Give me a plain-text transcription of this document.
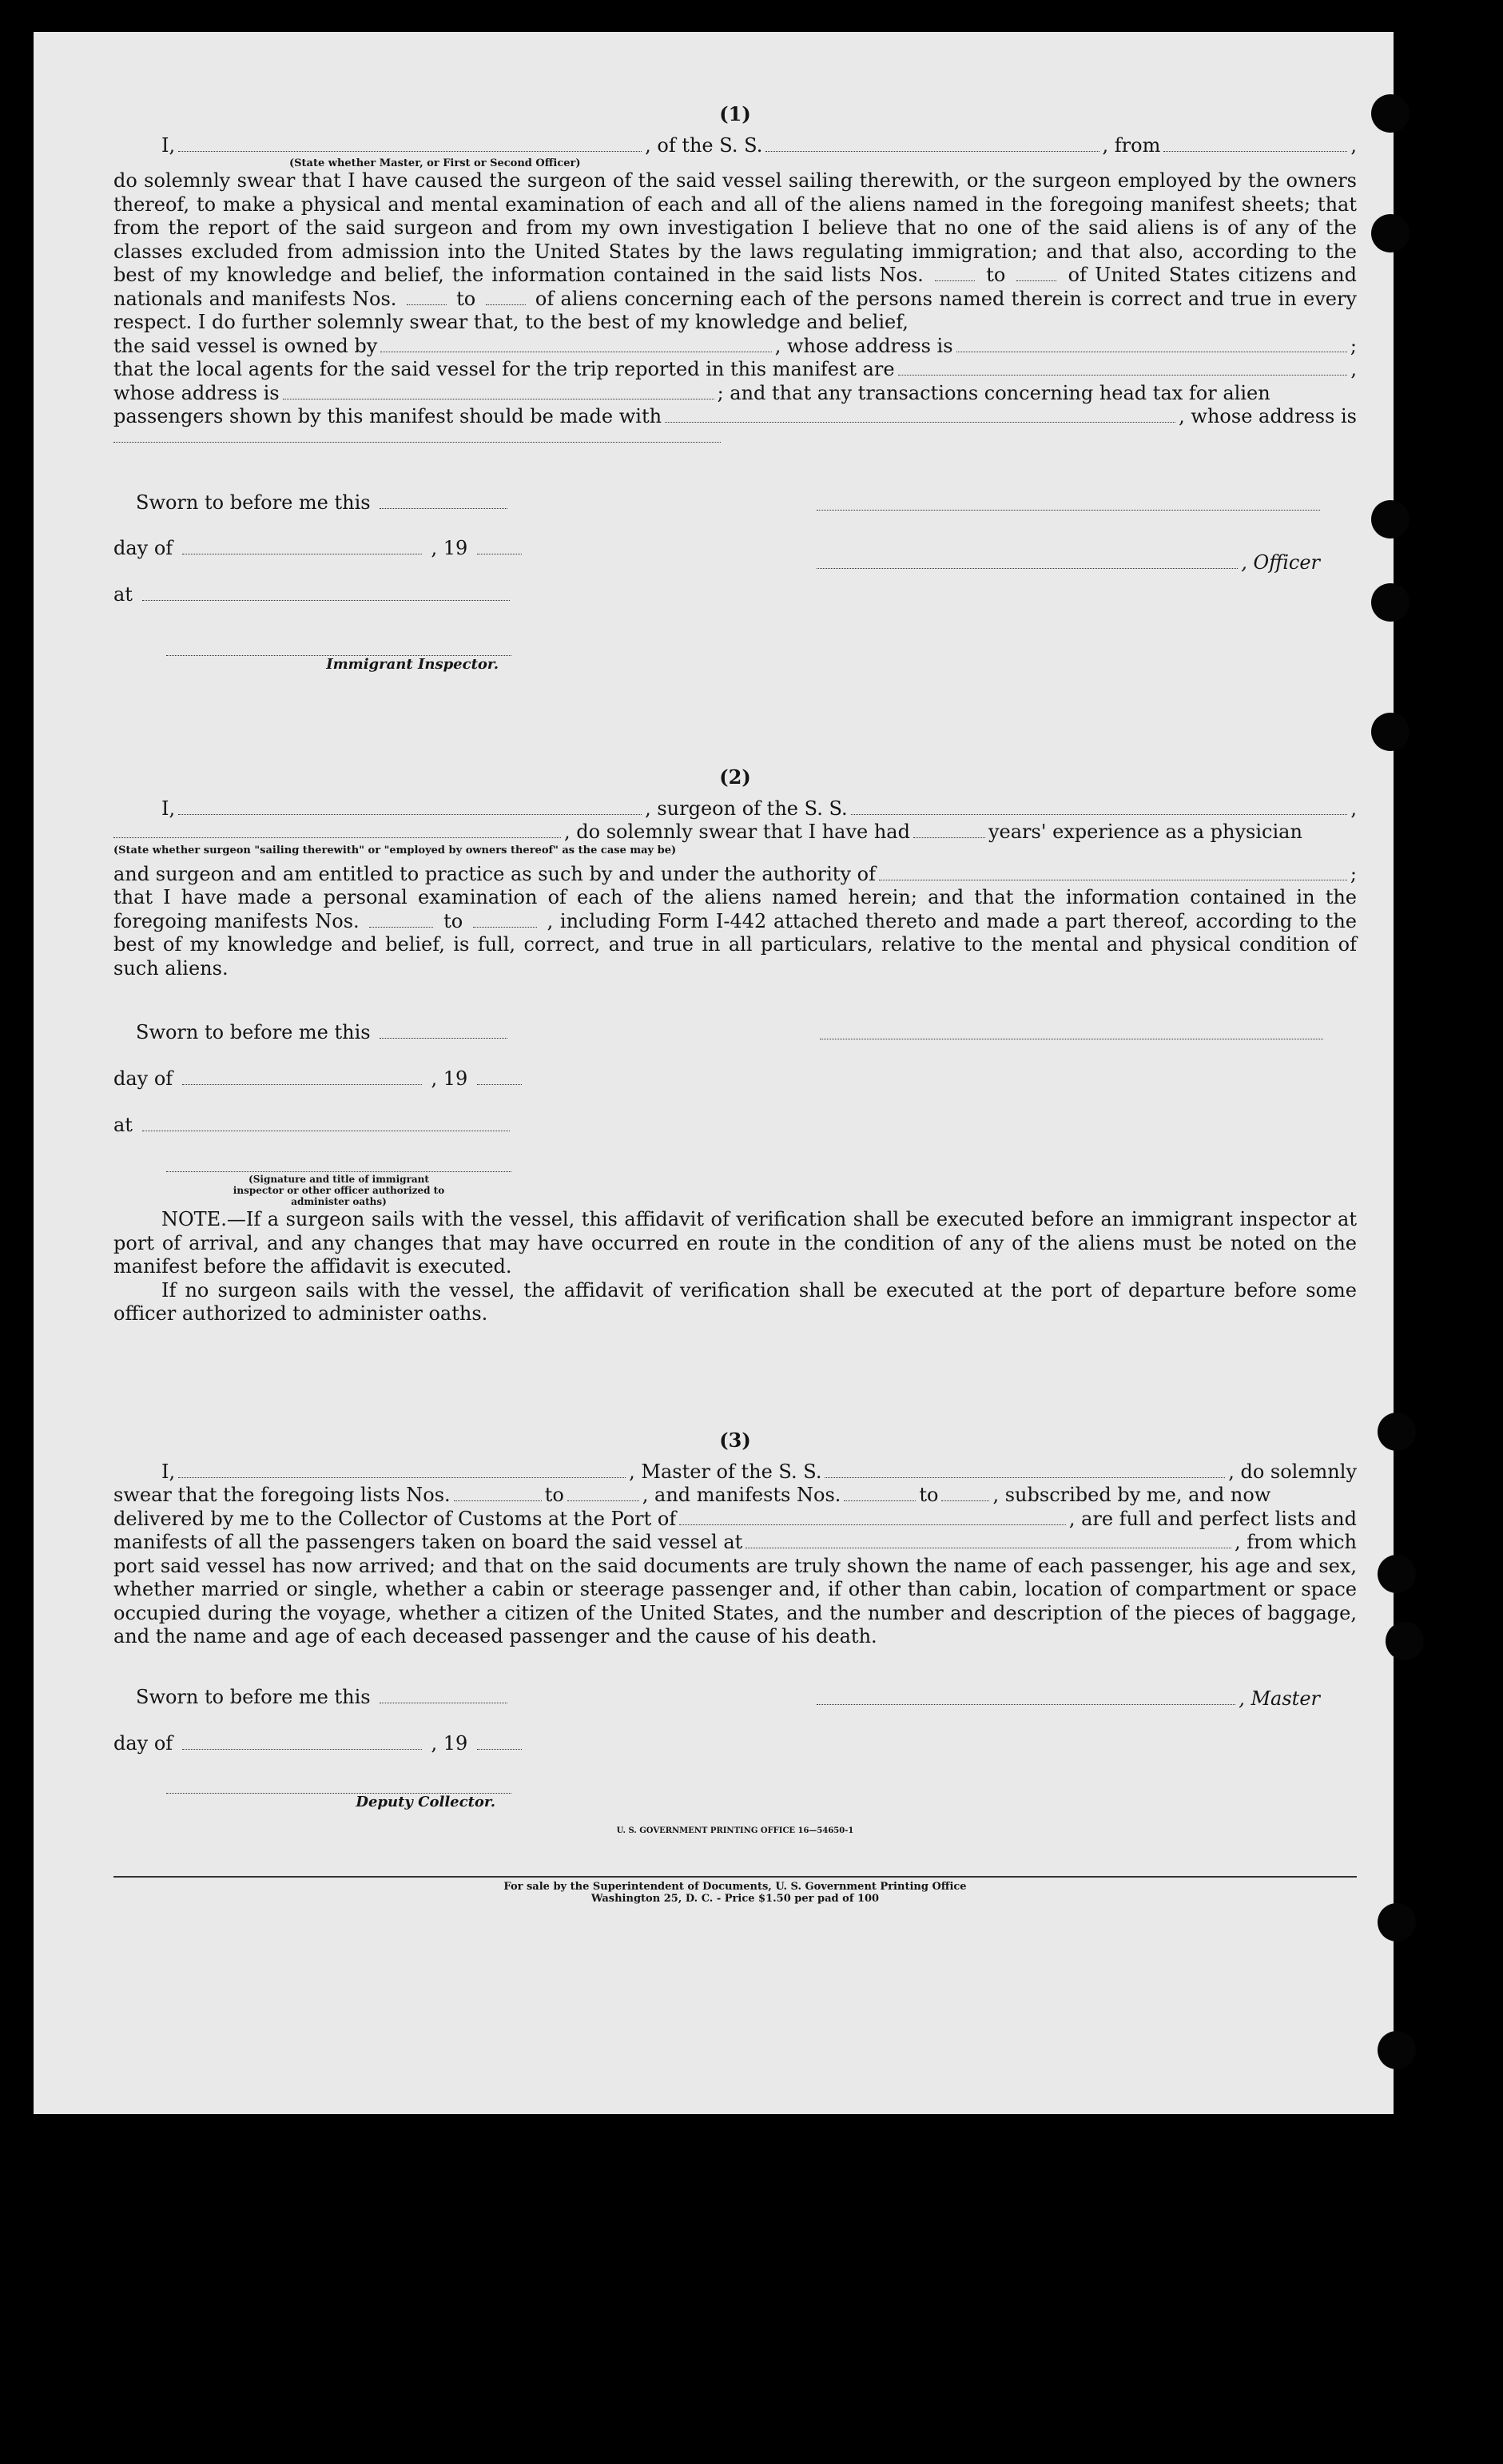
(1)
I,	, of the S. S.	, from	,
(State whether Master, or First or Second Officer)
do solemnly swear that I have caused the surgeon of the said vessel sailing therewith, or the surgeon employed by the owners thereof, to make a physical and mental examination of each and all of the aliens named in the foregoing manifest sheets; that from the report of the said surgeon and from my own investigation I believe that no one of the said aliens is of any of the classes excluded from admission into the United States by the laws regulating immigration; and that also, according to the best of my knowledge and belief, the information contained in the said lists Nos.	to	of United States citizens and nationals and manifests Nos.	to	of aliens concerning each of the persons named therein is correct and true in every respect. I do further solemnly swear that, to the best of my knowledge and belief,
the said vessel is owned by	, whose address is	;
that the local agents for the said vessel for the trip reported in this manifest are	,
whose address is	; and that any transactions concerning head tax for alien
passengers shown by this manifest should be made with	, whose address is
Sworn to before me this
day of	, 19
, Officer
at
Immigrant Inspector.
(2)
I,	, surgeon of the S. S.	,
, do solemnly swear that I have had	years' experience as a physician
(State whether surgeon "sailing therewith" or "employed by owners thereof" as the case may be)
and surgeon and am entitled to practice as such by and under the authority of	;
that I have made a personal examination of each of the aliens named herein; and that the information contained in the foregoing manifests Nos.	to	, including Form I-442 attached thereto and made a part thereof, according to the best of my knowledge and belief, is full, correct, and true in all particulars, relative to the mental and physical condition of such aliens.
Sworn to before me this
day of	, 19
at
(Signature and title of immigrant inspector or other officer authorized to administer oaths)
NOTE.—If a surgeon sails with the vessel, this affidavit of verification shall be executed before an immigrant inspector at port of arrival, and any changes that may have occurred en route in the condition of any of the aliens must be noted on the manifest before the affidavit is executed.
If no surgeon sails with the vessel, the affidavit of verification shall be executed at the port of departure before some officer authorized to administer oaths.
(3)
I,	, Master of the S. S.	, do solemnly
swear that the foregoing lists Nos.	to	, and manifests Nos.	to	, subscribed by me, and now
delivered by me to the Collector of Customs at the Port of	, are full and perfect lists and
manifests of all the passengers taken on board the said vessel at	, from which
port said vessel has now arrived; and that on the said documents are truly shown the name of each passenger, his age and sex, whether married or single, whether a cabin or steerage passenger and, if other than cabin, location of compartment or space occupied during the voyage, whether a citizen of the United States, and the number and description of the pieces of baggage, and the name and age of each deceased passenger and the cause of his death.
Sworn to before me this	, Master
day of	, 19
Deputy Collector.
U. S. GOVERNMENT PRINTING OFFICE 16—54650-1
For sale by the Superintendent of Documents, U. S. Government Printing Office
Washington 25, D. C. - Price $1.50 per pad of 100
